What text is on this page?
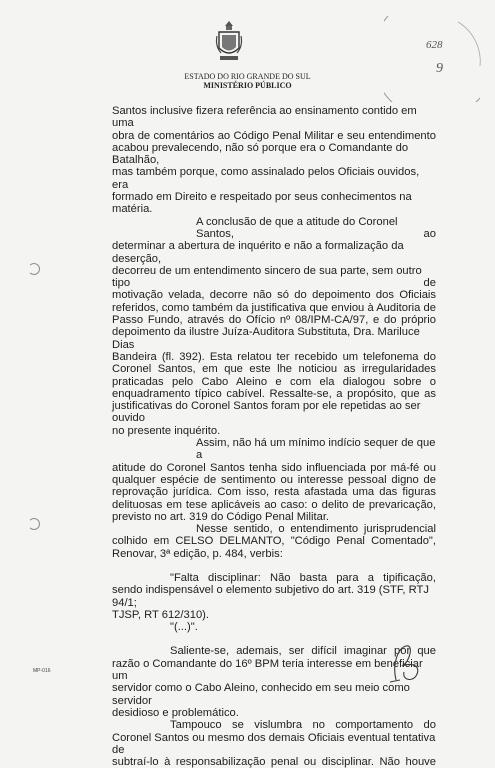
ESTADO DO RIO GRANDE DO SUL
MINISTÉRIO PÚBLICO
628
9

Santos inclusive fizera referência ao ensinamento contido em uma
obra de comentários ao Código Penal Militar e seu entendimento
acabou prevalecendo, não só porque era o Comandante do Batalhão,
mas também porque, como assinalado pelos Oficiais ouvidos, era
formado em Direito e respeitado por seus conhecimentos na matéria.

A conclusão de que a atitude do Coronel Santos, ao
determinar a abertura de inquérito e não a formalização da deserção,
decorreu de um entendimento sincero de sua parte, sem outro tipo de
motivação velada, decorre não só do depoimento dos Oficiais
referidos, como também da justificativa que enviou à Auditoria de
Passo Fundo, através do Ofício nº 08/IPM-CA/97, e do próprio
depoimento da ilustre Juíza-Auditora Substituta, Dra. Mariluce Dias
Bandeira (fl. 392). Esta relatou ter recebido um telefonema do
Coronel Santos, em que este lhe noticiou as irregularidades
praticadas pelo Cabo Aleino e com ela dialogou sobre o
enquadramento típico cabível. Ressalte-se, a propósito, que as
justificativas do Coronel Santos foram por ele repetidas ao ser ouvido
no presente inquérito.

Assim, não há um mínimo indício sequer de que a
atitude do Coronel Santos tenha sido influenciada por má-fé ou
qualquer espécie de sentimento ou interesse pessoal digno de
reprovação jurídica. Com isso, resta afastada uma das figuras
delituosas em tese aplicáveis ao caso: o delito de prevaricação,
previsto no art. 319 do Código Penal Militar.

Nesse sentido, o entendimento jurisprudencial
colhido em CELSO DELMANTO, "Código Penal Comentado",
Renovar, 3ª edição, p. 484, verbis:

"Falta disciplinar: Não basta para a tipificação,
sendo indispensável o elemento subjetivo do art. 319 (STF, RTJ 94/1;
TJSP, RT 612/310).
"(...)".

Saliente-se, ademais, ser difícil imaginar por que
razão o Comandante do 16º BPM teria interesse em beneficiar um
servidor como o Cabo Aleino, conhecido em seu meio como servidor
desidioso e problemático.

Tampouco se vislumbra no comportamento do
Coronel Santos ou mesmo dos demais Oficiais eventual tentativa de
subtraí-lo à responsabilização penal ou disciplinar. Não houve

MP-016
